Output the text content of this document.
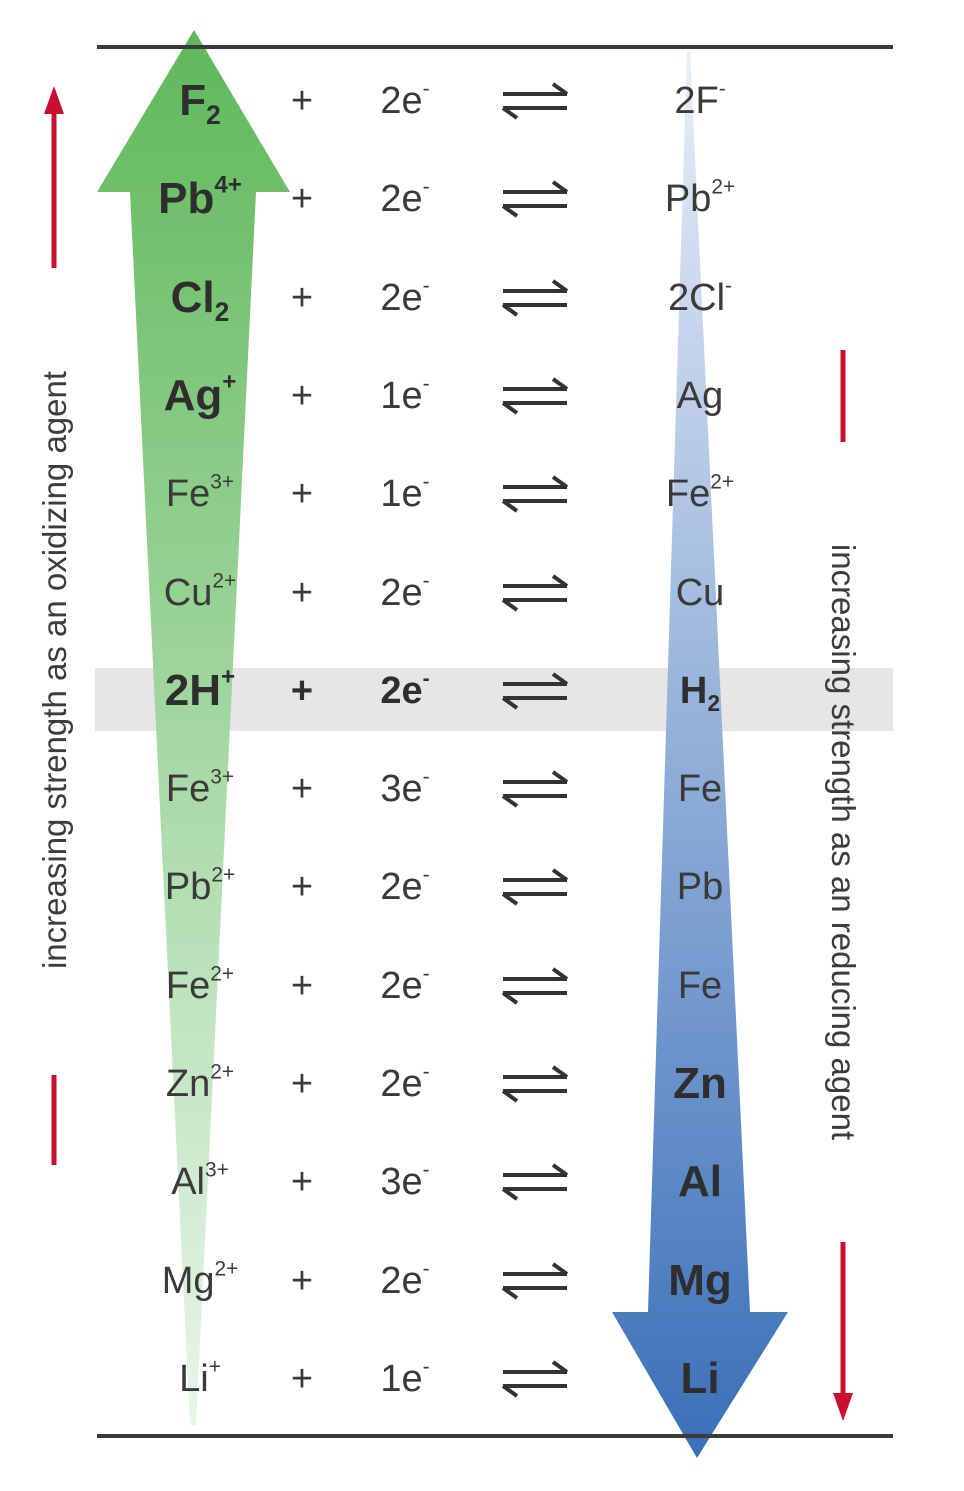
$F_2$	+	2e-	2F-
$Pb^{4+}$	+	2e-	$Pb^{2+}$
$Cl_2$	+	2e-	2Cl-
Ag+	+	1e-	Ag
$Fe^{3+}$	+	1e-	$Fe^{2+}$
$Cu^{2+}$	+	2e-	Cu
2H+	+	2e-	$H_2$
$Fe^{3+}$	+	3e-	Fe
$Pb^{2+}$	+	2e-	Pb
$Fe^{2+}$	+	2e-	Fe
$Zn^{2+}$	+	2e-	Zn
$Al^{3+}$	+	3e-	Al
$Mg^{2+}$	+	2e-	Mg
Li+	+	1e-	Li
increasing strength as an oxidizing agent	increasing strength as an reducing agent
